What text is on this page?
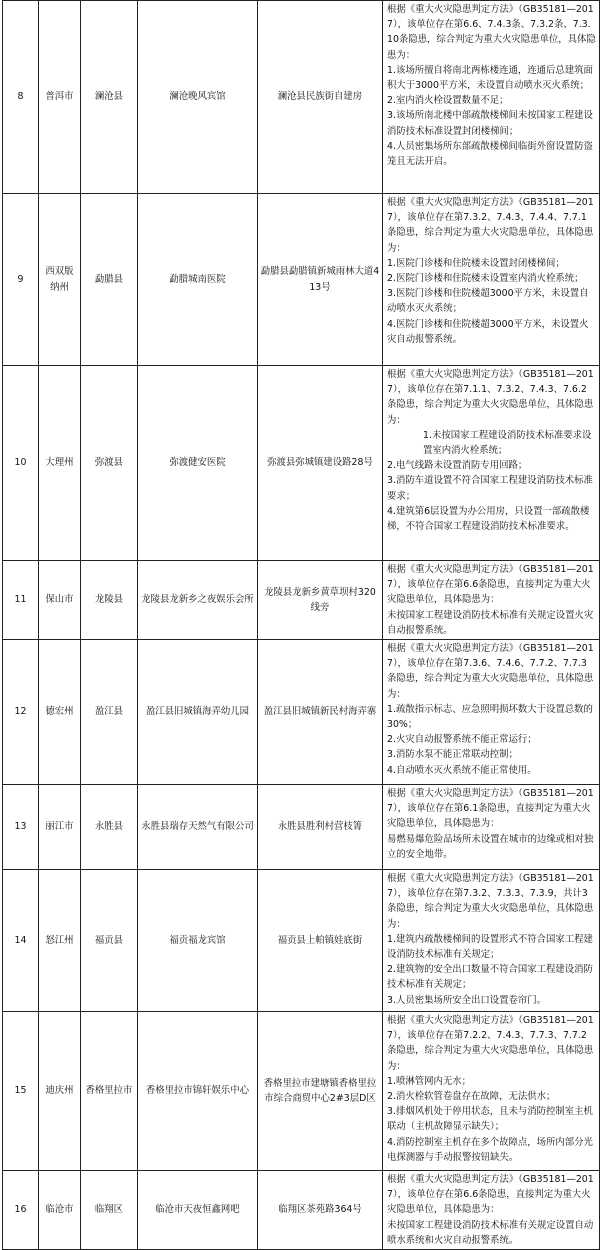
8	普洱市	澜沧县	澜沧晚风宾馆	澜沧县民族街自建房	根据《重大火灾隐患判定方法》（GB35181—2017），该单位存在第6.6、7.4.3条、7.3.2条、7.3.10条隐患，综合判定为重大火灾隐患单位，具体隐患为：
1.该场所擅自将南北两栋楼连通，连通后总建筑面积大于3000平方米，未设置自动喷水灭火系统；
2.室内消火栓设置数量不足；
3.该场所南北楼中部疏散楼梯间未按国家工程建设消防技术标准设置封闭楼梯间；
4.人员密集场所东部疏散楼梯间临街外窗设置防盗笼且无法开启。

9	西双版纳州	勐腊县	勐腊城南医院	勐腊县勐腊镇新城雨林大道413号	根据《重大火灾隐患判定方法》（GB35181—2017），该单位存在第7.3.2、7.4.3、7.4.4、7.7.1条隐患，综合判定为重大火灾隐患单位，具体隐患为：
1.医院门诊楼和住院楼未设置封闭楼梯间；
2.医院门诊楼和住院楼未设置室内消火栓系统；
3.医院门诊楼和住院楼超3000平方米，未设置自动喷水灭火系统；
4.医院门诊楼和住院楼超3000平方米，未设置火灾自动报警系统。

10	大理州	弥渡县	弥渡健安医院	弥渡县弥城镇建设路28号	根据《重大火灾隐患判定方法》（GB35181—2017），该单位存在第7.1.1、7.3.2、7.4.3、7.6.2条隐患，综合判定为重大火灾隐患单位，具体隐患为：
1.未按国家工程建设消防技术标准要求设置室内消火栓系统；
2.电气线路未设置消防专用回路；
3.消防车道设置不符合国家工程建设消防技术标准要求；
4.建筑第6层设置为办公用房，只设置一部疏散楼梯，不符合国家工程建设消防技术标准要求。

11	保山市	龙陵县	龙陵县龙新乡之夜娱乐会所	龙陵县龙新乡黄草坝村320线旁	根据《重大火灾隐患判定方法》（GB35181—2017），该单位存在第6.6条隐患，直接判定为重大火灾隐患单位，具体隐患为：
未按国家工程建设消防技术标准有关规定设置火灾自动报警系统。

12	德宏州	盈江县	盈江县旧城镇海弄幼儿园	盈江县旧城镇新民村海弄寨	根据《重大火灾隐患判定方法》（GB35181—2017），该单位存在第7.3.6、7.4.6、7.7.2、7.7.3条隐患，综合判定为重大火灾隐患单位，具体隐患为：
1.疏散指示标志、应急照明损坏数大于设置总数的30%；
2.火灾自动报警系统不能正常运行；
3.消防水泵不能正常联动控制；
4.自动喷水灭火系统不能正常使用。

13	丽江市	永胜县	永胜县瑞存天然气有限公司	永胜县胜利村营枝箐	根据《重大火灾隐患判定方法》（GB35181—2017），该单位存在第6.1条隐患，直接判定为重大火灾隐患单位，具体隐患为：
易燃易爆危险品场所未设置在城市的边缘或相对独立的安全地带。

14	怒江州	福贡县	福贡福龙宾馆	福贡县上帕镇娃底街	根据《重大火灾隐患判定方法》（GB35181—2017），该单位存在第7.3.2、7.3.3、7.3.9，共计3条隐患，综合判定为重大火灾隐患单位，具体隐患为：
1.建筑内疏散楼梯间的设置形式不符合国家工程建设消防技术标准有关规定；
2.建筑物的安全出口数量不符合国家工程建设消防技术标准有关规定；
3.人员密集场所安全出口设置卷帘门。

15	迪庆州	香格里拉市	香格里拉市锦轩娱乐中心	香格里拉市建塘镇香格里拉市综合商贸中心2#3层D区	根据《重大火灾隐患判定方法》（GB35181—2017），该单位存在第7.2.2、7.4.3、7.7.3、7.7.2条隐患，综合判定为重大火灾隐患单位，具体隐患为：
1.喷淋管网内无水；
2.消火栓软管卷盘存在故障，无法供水；
3.排烟风机处于停用状态，且未与消防控制室主机联动（主机故障显示缺失）；
4.消防控制室主机存在多个故障点，场所内部分光电探测器与手动报警按钮缺失。

16	临沧市	临翔区	临沧市天夜恒鑫网吧	临翔区茶苑路364号	根据《重大火灾隐患判定方法》（GB35181—2017），该单位存在第6.6条隐患，直接判定为重大火灾隐患单位，具体隐患为：
未按国家工程建设消防技术标准有关规定设置自动喷水系统和火灾自动报警系统。
